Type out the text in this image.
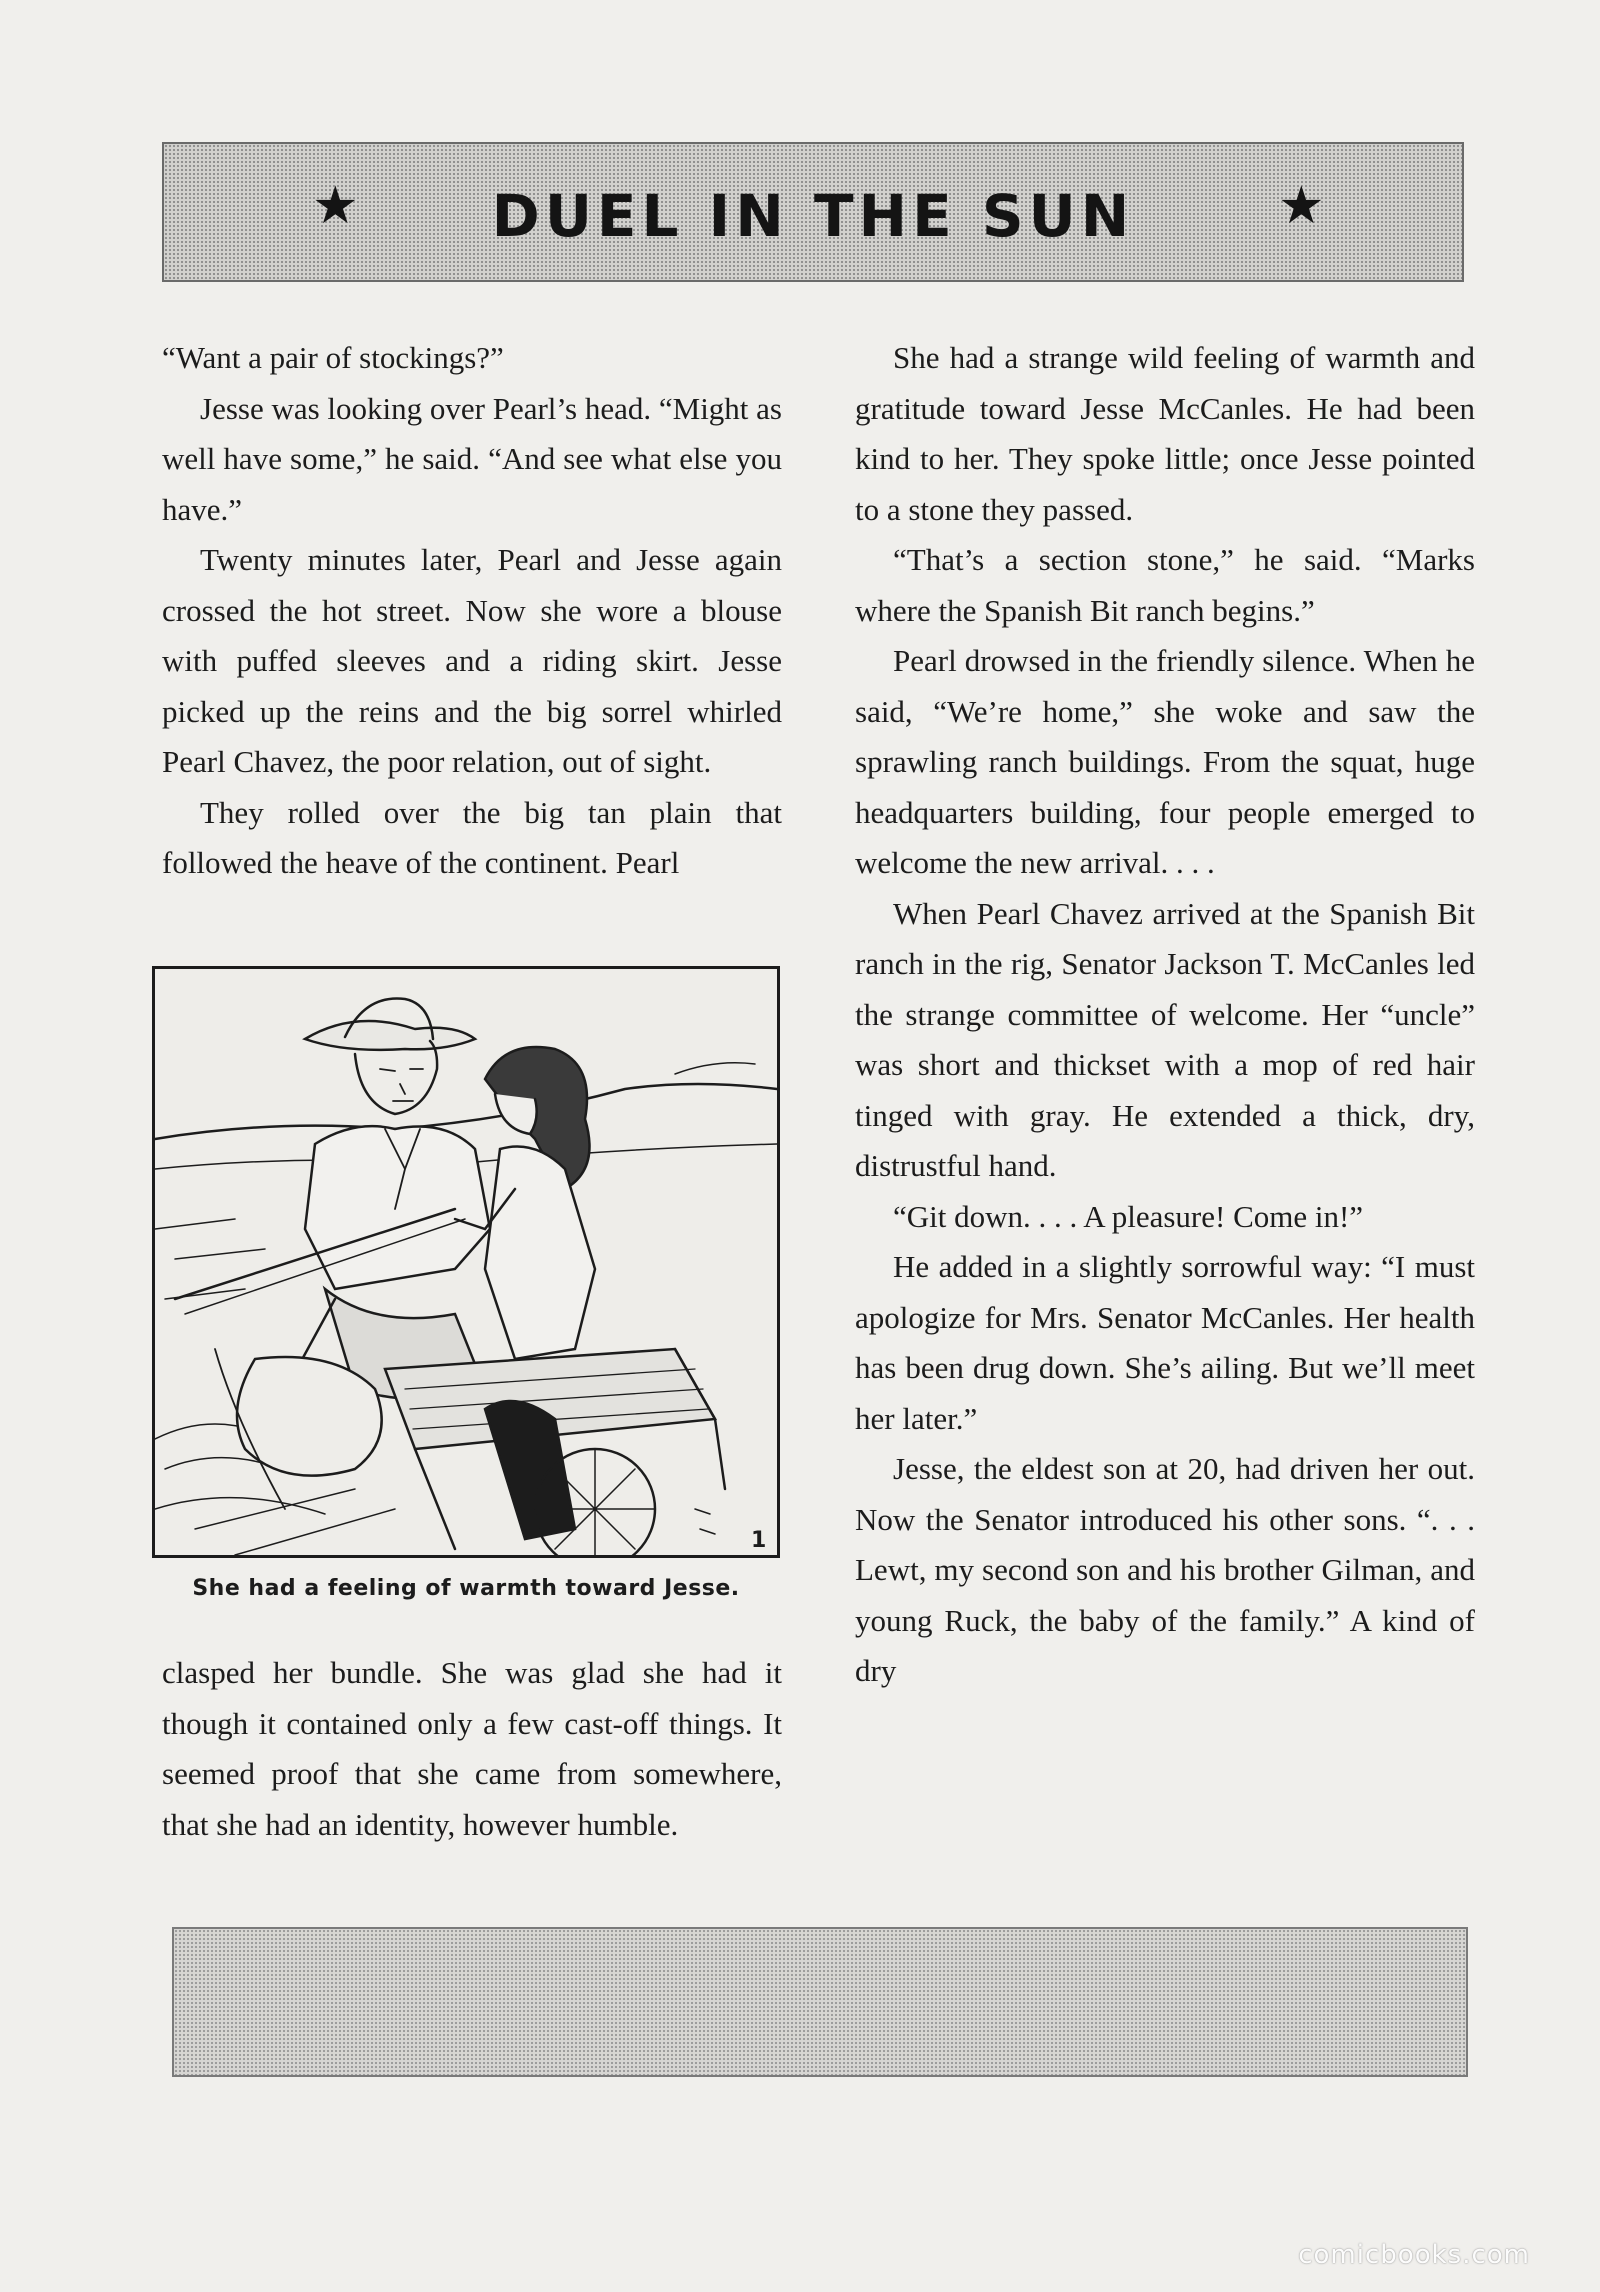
★	DUEL IN THE SUN	★

“Want a pair of stockings?”

Jesse was looking over Pearl’s head. “Might as well have some,” he said. “And see what else you have.”

Twenty minutes later, Pearl and Jesse again crossed the hot street. Now she wore a blouse with puffed sleeves and a riding skirt. Jesse picked up the reins and the big sorrel whirled Pearl Chavez, the poor relation, out of sight.

They rolled over the big tan plain that followed the heave of the continent. Pearl

1
She had a feeling of warmth toward Jesse.

clasped her bundle. She was glad she had it though it contained only a few cast-off things. It seemed proof that she came from somewhere, that she had an identity, however humble.

She had a strange wild feeling of warmth and gratitude toward Jesse McCanles. He had been kind to her. They spoke little; once Jesse pointed to a stone they passed.

“That’s a section stone,” he said. “Marks where the Spanish Bit ranch begins.”

Pearl drowsed in the friendly silence. When he said, “We’re home,” she woke and saw the sprawling ranch buildings. From the squat, huge headquarters building, four people emerged to welcome the new arrival. . . .

When Pearl Chavez arrived at the Spanish Bit ranch in the rig, Senator Jackson T. McCanles led the strange committee of welcome. Her “uncle” was short and thickset with a mop of red hair tinged with gray. He extended a thick, dry, distrustful hand.

“Git down. . . . A pleasure! Come in!”

He added in a slightly sorrowful way: “I must apologize for Mrs. Senator McCanles. Her health has been drug down. She’s ailing. But we’ll meet her later.”

Jesse, the eldest son at 20, had driven her out. Now the Senator introduced his other sons. “. . . Lewt, my second son and his brother Gilman, and young Ruck, the baby of the family.” A kind of dry

comicbooks.com
